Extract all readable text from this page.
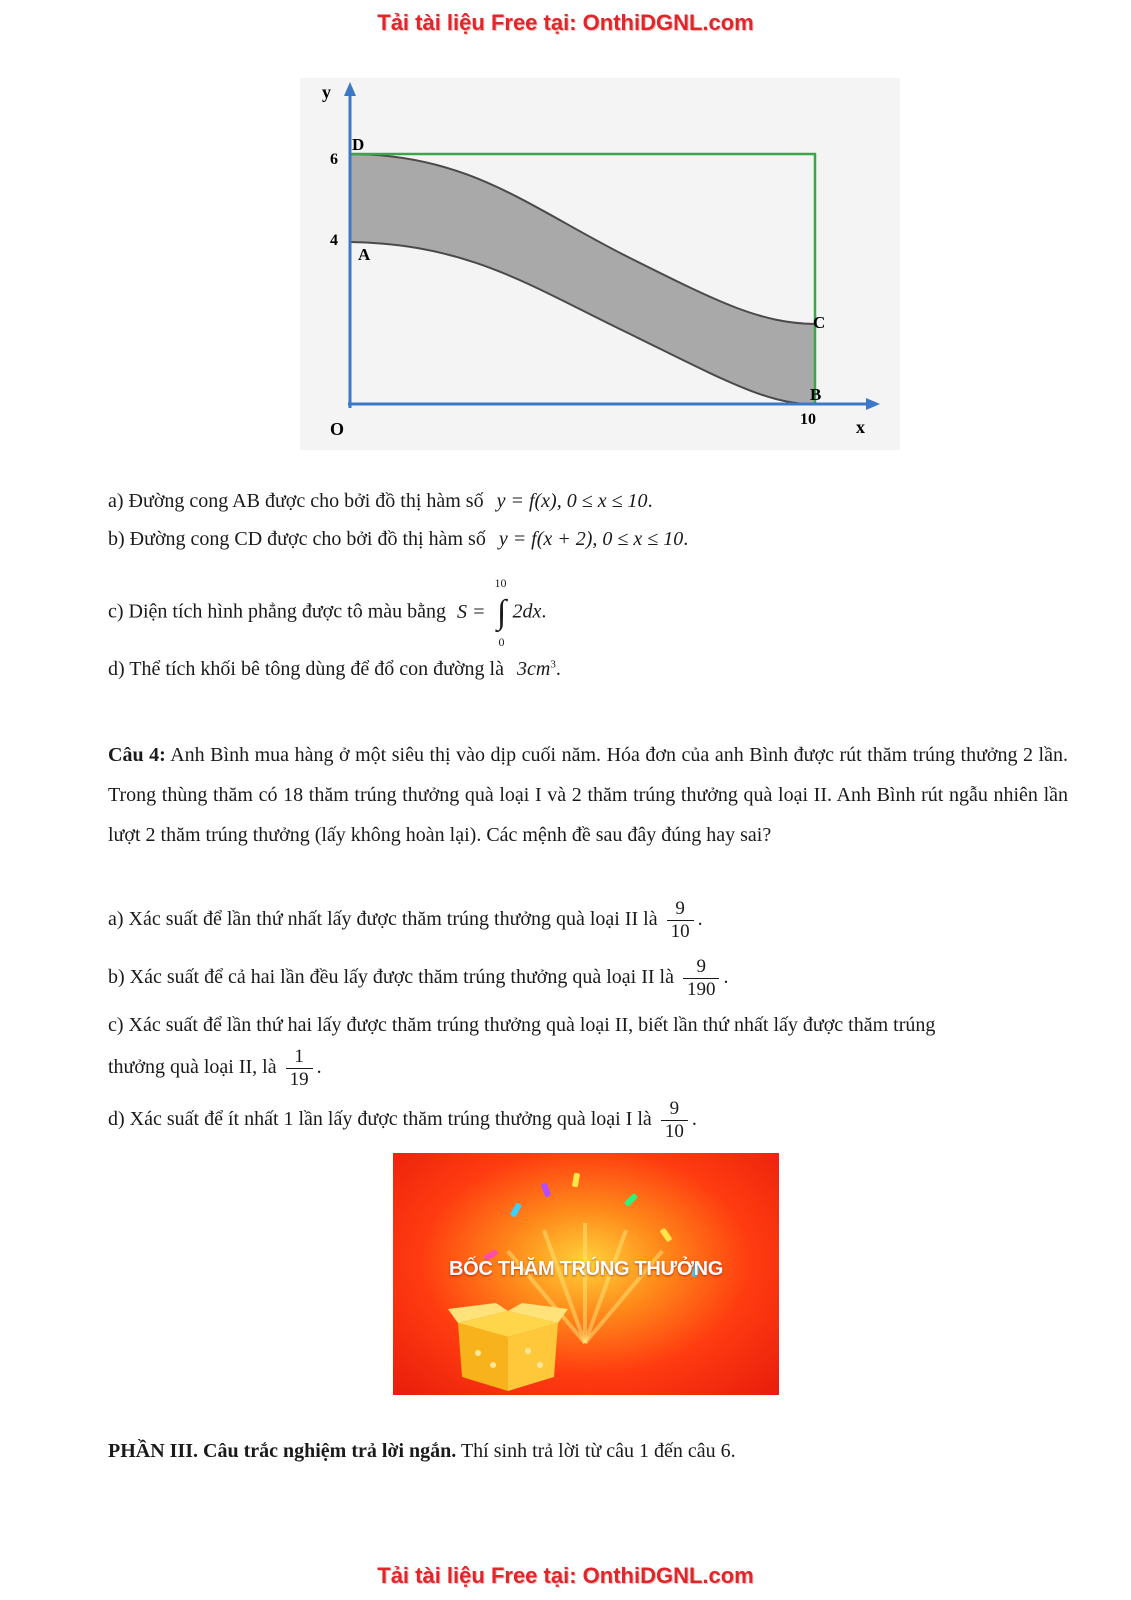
Tải tài liệu Free tại: OnthiDGNL.com
y
x
O
6
4
10
D
A
C
B
a) Đường cong AB được cho bởi đồ thị hàm số y = f(x), 0 ≤ x ≤ 10.
b) Đường cong CD được cho bởi đồ thị hàm số y = f(x + 2), 0 ≤ x ≤ 10.
c) Diện tích hình phẳng được tô màu bằng S =
10
∫
0
2dx.
d) Thể tích khối bê tông dùng để đổ con đường là $3cm^3$.
Câu 4: Anh Bình mua hàng ở một siêu thị vào dịp cuối năm. Hóa đơn của anh Bình được rút thăm trúng thưởng 2 lần. Trong thùng thăm có 18 thăm trúng thưởng quà loại I và 2 thăm trúng thưởng quà loại II. Anh Bình rút ngẫu nhiên lần lượt 2 thăm trúng thưởng (lấy không hoàn lại). Các mệnh đề sau đây đúng hay sai?
a) Xác suất để lần thứ nhất lấy được thăm trúng thưởng quà loại II là $\frac{9}{10}$ .
b) Xác suất để cả hai lần đều lấy được thăm trúng thưởng quà loại II là $\frac{9}{190}$ .
c) Xác suất để lần thứ hai lấy được thăm trúng thưởng quà loại II, biết lần thứ nhất lấy được thăm trúng
thưởng quà loại II, là $\frac{1}{19}$ .
d) Xác suất để ít nhất 1 lần lấy được thăm trúng thưởng quà loại I là $\frac{9}{10}$ .
BỐC THĂM TRÚNG THƯỞNG
PHẦN III. Câu trắc nghiệm trả lời ngắn. Thí sinh trả lời từ câu 1 đến câu 6.
Tải tài liệu Free tại: OnthiDGNL.com
